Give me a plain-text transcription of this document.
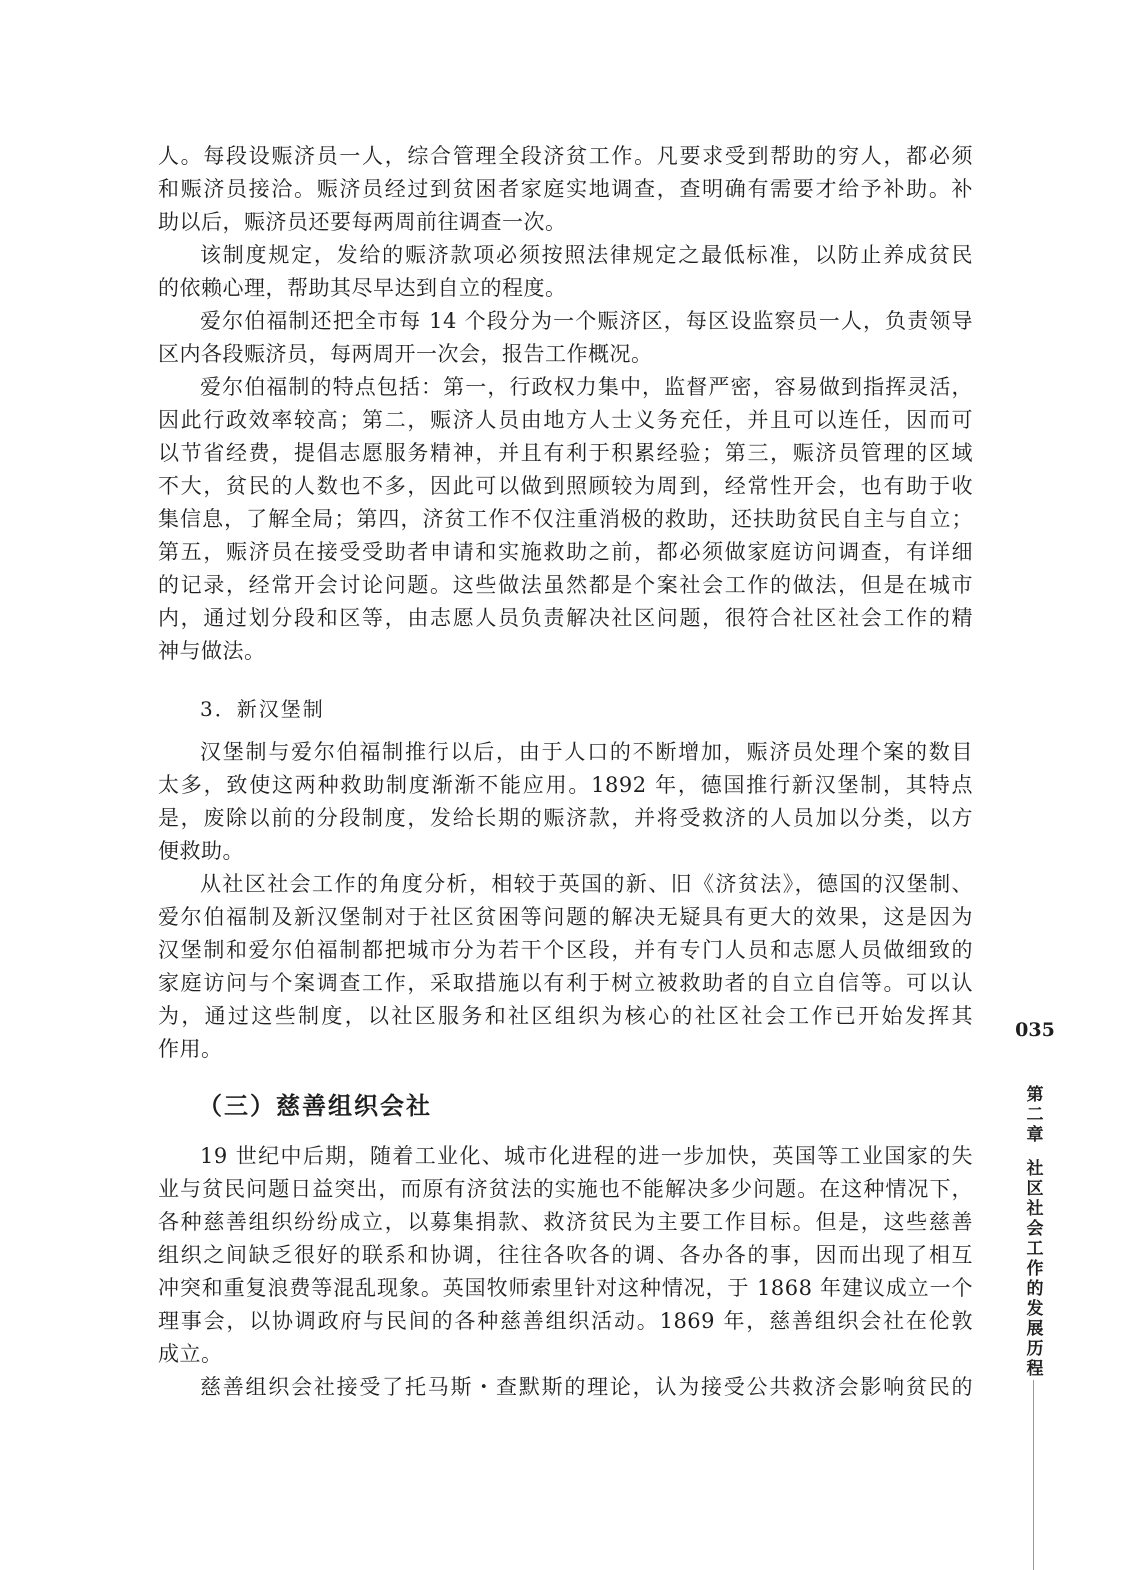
人。每段设赈济员一人，综合管理全段济贫工作。凡要求受到帮助的穷人，都必须
和赈济员接洽。赈济员经过到贫困者家庭实地调查，查明确有需要才给予补助。补
助以后，赈济员还要每两周前往调查一次。
该制度规定，发给的赈济款项必须按照法律规定之最低标准，以防止养成贫民
的依赖心理，帮助其尽早达到自立的程度。
爱尔伯福制还把全市每 14 个段分为一个赈济区，每区设监察员一人，负责领导
区内各段赈济员，每两周开一次会，报告工作概况。
爱尔伯福制的特点包括：第一，行政权力集中，监督严密，容易做到指挥灵活，
因此行政效率较高；第二，赈济人员由地方人士义务充任，并且可以连任，因而可
以节省经费，提倡志愿服务精神，并且有利于积累经验；第三，赈济员管理的区域
不大，贫民的人数也不多，因此可以做到照顾较为周到，经常性开会，也有助于收
集信息，了解全局；第四，济贫工作不仅注重消极的救助，还扶助贫民自主与自立；
第五，赈济员在接受受助者申请和实施救助之前，都必须做家庭访问调查，有详细
的记录，经常开会讨论问题。这些做法虽然都是个案社会工作的做法，但是在城市
内，通过划分段和区等，由志愿人员负责解决社区问题，很符合社区社会工作的精
神与做法。
3．新汉堡制
汉堡制与爱尔伯福制推行以后，由于人口的不断增加，赈济员处理个案的数目
太多，致使这两种救助制度渐渐不能应用。1892 年，德国推行新汉堡制，其特点
是，废除以前的分段制度，发给长期的赈济款，并将受救济的人员加以分类，以方
便救助。
从社区社会工作的角度分析，相较于英国的新、旧《济贫法》，德国的汉堡制、
爱尔伯福制及新汉堡制对于社区贫困等问题的解决无疑具有更大的效果，这是因为
汉堡制和爱尔伯福制都把城市分为若干个区段，并有专门人员和志愿人员做细致的
家庭访问与个案调查工作，采取措施以有利于树立被救助者的自立自信等。可以认
为，通过这些制度，以社区服务和社区组织为核心的社区社会工作已开始发挥其
作用。
（三）慈善组织会社
19 世纪中后期，随着工业化、城市化进程的进一步加快，英国等工业国家的失
业与贫民问题日益突出，而原有济贫法的实施也不能解决多少问题。在这种情况下，
各种慈善组织纷纷成立，以募集捐款、救济贫民为主要工作目标。但是，这些慈善
组织之间缺乏很好的联系和协调，往往各吹各的调、各办各的事，因而出现了相互
冲突和重复浪费等混乱现象。英国牧师索里针对这种情况，于 1868 年建议成立一个
理事会，以协调政府与民间的各种慈善组织活动。1869 年，慈善组织会社在伦敦
成立。
慈善组织会社接受了托马斯・查默斯的理论，认为接受公共救济会影响贫民的
035
第二章
社区社会工作的发展历程
